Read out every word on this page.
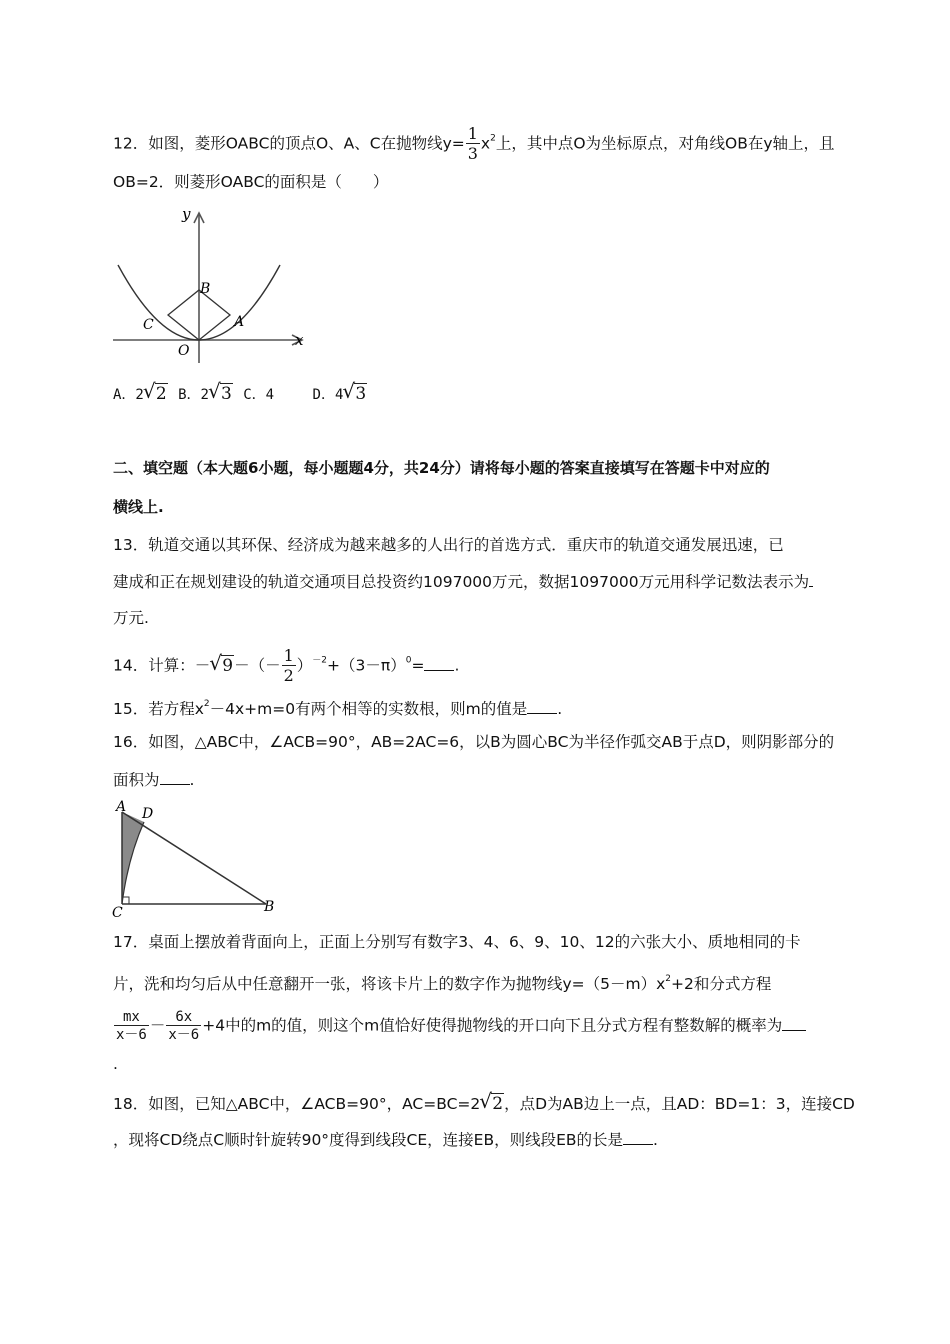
12．如图，菱形OABC的顶点O、A、C在抛物线$y= \frac{1}{3} x^2$上，其中点O为坐标原点，对角线OB在y轴上，且
OB=2．则菱形OABC的面积是（　　）
y
x
B
C	A
O
A．2 √ 2 B．2 √ 3 C．4	D．4 √ 3
二、填空题（本大题6小题，每小题题4分，共24分）请将每小题的答案直接填写在答题卡中对应的
横线上.
13．轨道交通以其环保、经济成为越来越多的人出行的首选方式．重庆市的轨道交通发展迅速，已
建成和正在规划建设的轨道交通项目总投资约1097000万元，数据1097000万元用科学记数法表示为
万元.
14．计算：－ √ $9-(- \frac{1}{2} )^{-2}+(3-\pi)^0=$ .
15．若方程$x^2-4x+m=0$有两个相等的实数根，则m的值是 .
16．如图，△ABC中，∠ACB=90°，AB=2AC=6，以B为圆心BC为半径作弧交AB于点D，则阴影部分的
面积为 .
A D
C	B
17．桌面上摆放着背面向上，正面上分别写有数字3、4、6、9、10、12的六张大小、质地相同的卡
片，洗和均匀后从中任意翻开一张，将该卡片上的数字作为抛物线$y=(5-m)x^2+2$和分式方程
$\frac{mx}{x-6} - \frac{6x}{x-6} +4$中的m的值，则这个m值恰好使得抛物线的开口向下且分式方程有整数解的概率为
.
18．如图，已知△ABC中，∠ACB=90°，AC=BC=2 √ 2，点D为AB边上一点，且AD：BD=1：3，连接CD
，现将CD绕点C顺时针旋转90°度得到线段CE，连接EB，则线段EB的长是 .
